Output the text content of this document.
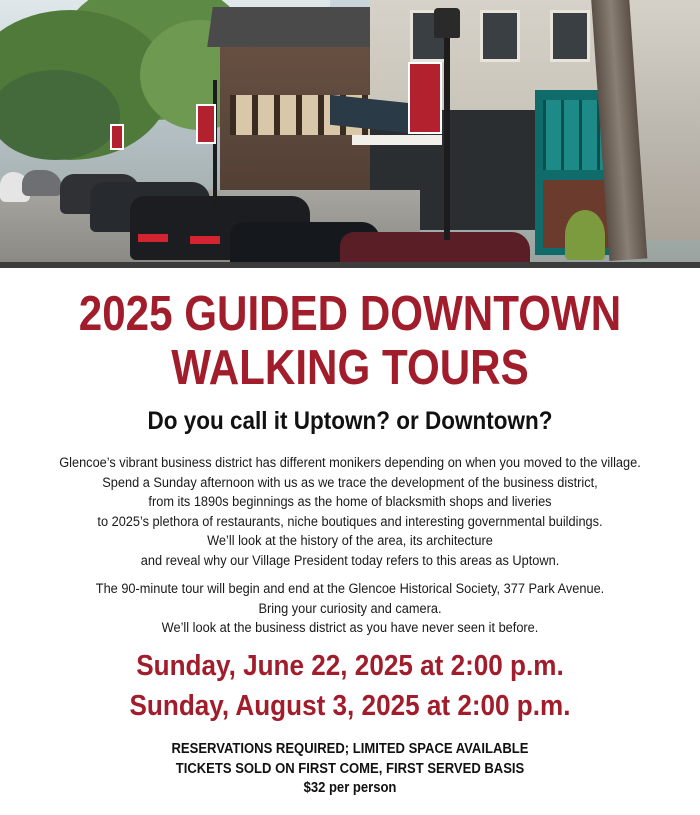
2025 GUIDED DOWNTOWN
WALKING TOURS
Do you call it Uptown? or Downtown?
Glencoe’s vibrant business district has different monikers depending on when you moved to the village.
Spend a Sunday afternoon with us as we trace the development of the business district,
from its 1890s beginnings as the home of blacksmith shops and liveries
to 2025’s plethora of restaurants, niche boutiques and interesting governmental buildings.
We’ll look at the history of the area, its architecture
and reveal why our Village President today refers to this areas as Uptown.
The 90-minute tour will begin and end at the Glencoe Historical Society, 377 Park Avenue.
Bring your curiosity and camera.
We’ll look at the business district as you have never seen it before.

Sunday, June 22, 2025 at 2:00 p.m.

Sunday, August 3, 2025 at 2:00 p.m.

RESERVATIONS REQUIRED; LIMITED SPACE AVAILABLE
TICKETS SOLD ON FIRST COME, FIRST SERVED BASIS
$32 per person
